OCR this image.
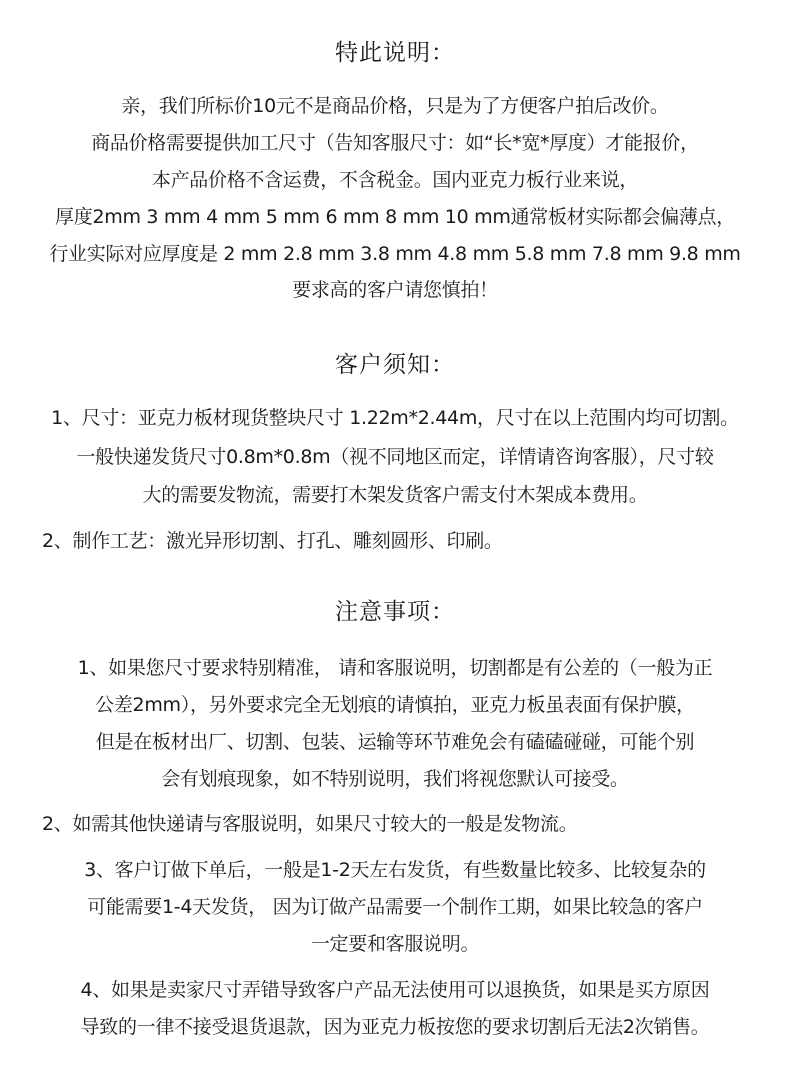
特此说明：
亲，我们所标价10元不是商品价格，只是为了方便客户拍后改价。
商品价格需要提供加工尺寸（告知客服尺寸：如“长*宽*厚度）才能报价，
本产品价格不含运费，不含税金。国内亚克力板行业来说，
厚度2mm 3 mm 4 mm 5 mm 6 mm 8 mm 10 mm通常板材实际都会偏薄点，
行业实际对应厚度是 2 mm 2.8 mm 3.8 mm 4.8 mm 5.8 mm 7.8 mm 9.8 mm
要求高的客户请您慎拍！
客户须知：
1、尺寸：亚克力板材现货整块尺寸 1.22m*2.44m，尺寸在以上范围内均可切割。
一般快递发货尺寸0.8m*0.8m（视不同地区而定，详情请咨询客服），尺寸较
大的需要发物流，需要打木架发货客户需支付木架成本费用。
2、制作工艺：激光异形切割、打孔、雕刻圆形、印刷。
注意事项：
1、如果您尺寸要求特别精准， 请和客服说明，切割都是有公差的（一般为正
公差2mm），另外要求完全无划痕的请慎拍，亚克力板虽表面有保护膜，
但是在板材出厂、切割、包装、运输等环节难免会有磕磕碰碰，可能个别
会有划痕现象，如不特别说明，我们将视您默认可接受。
2、如需其他快递请与客服说明，如果尺寸较大的一般是发物流。
3、客户订做下单后，一般是1-2天左右发货，有些数量比较多、比较复杂的
可能需要1-4天发货， 因为订做产品需要一个制作工期，如果比较急的客户
一定要和客服说明。
4、如果是卖家尺寸弄错导致客户产品无法使用可以退换货，如果是买方原因
导致的一律不接受退货退款，因为亚克力板按您的要求切割后无法2次销售。
